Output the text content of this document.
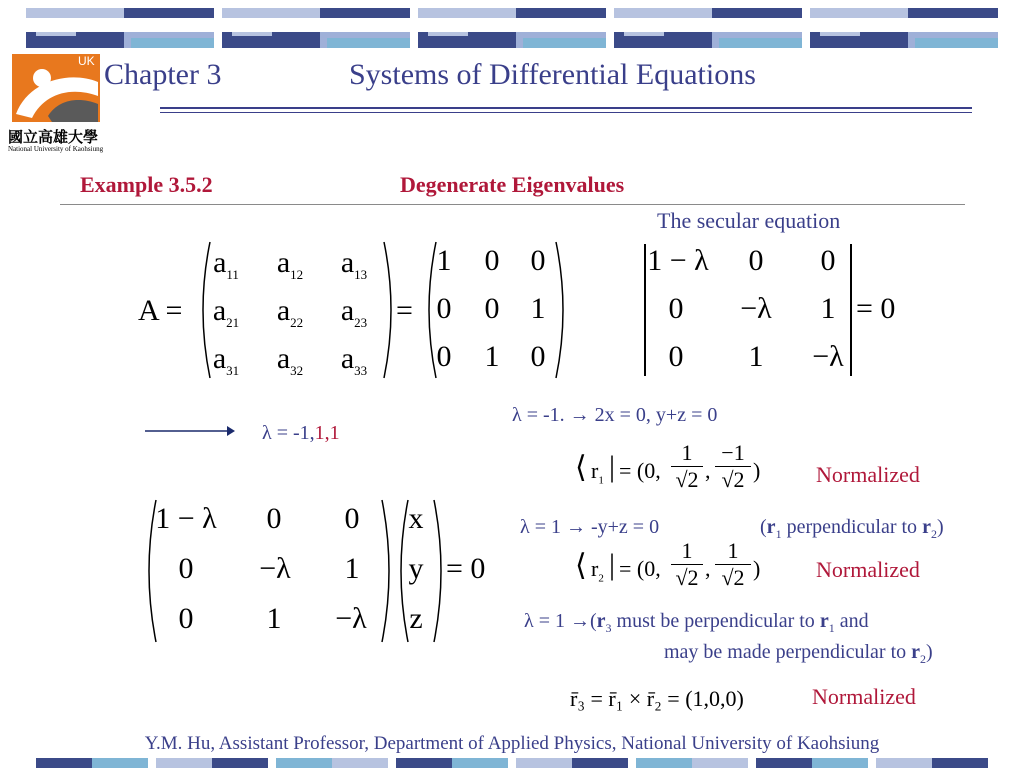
UK
國立高雄大學
National University of Kaohsiung
Chapter 3	Systems of Differential Equations
Example 3.5.2	Degenerate Eigenvalues
A =
$a_{11}$	$a_{12}$	$a_{13}$
$a_{21}$	$a_{22}$	$a_{23}$
$a_{31}$	$a_{32}$	$a_{33}$
=
1	0	0
0	0	1
0	1	0
The secular equation
1 − λ	0	0
0	−λ	1
0	1	−λ
= 0
λ = -1,1,1
1 − λ	0	0
0	−λ	1
0	1	−λ
x
y
z
= 0
λ = -1. → 2x = 0, y+z = 0
⟨ $r_1$ | = (0, $\frac{1}{√2}$ , $\frac{-1}{√2}$ )	Normalized
λ = 1 → -y+z = 0	($r_1$ perpendicular to $r_2$)
⟨ $r_2$ | = (0, $\frac{1}{√2}$ , $\frac{1}{√2}$ )	Normalized
$\lambda = 1 \to(r_3$ must be perpendicular to $r_1$ and
may be made perpendicular to $r_2$)
r̄₃ = r̄₁ × r̄₂ = (1,0,0)	Normalized
Y.M. Hu, Assistant Professor, Department of Applied Physics, National University of Kaohsiung
